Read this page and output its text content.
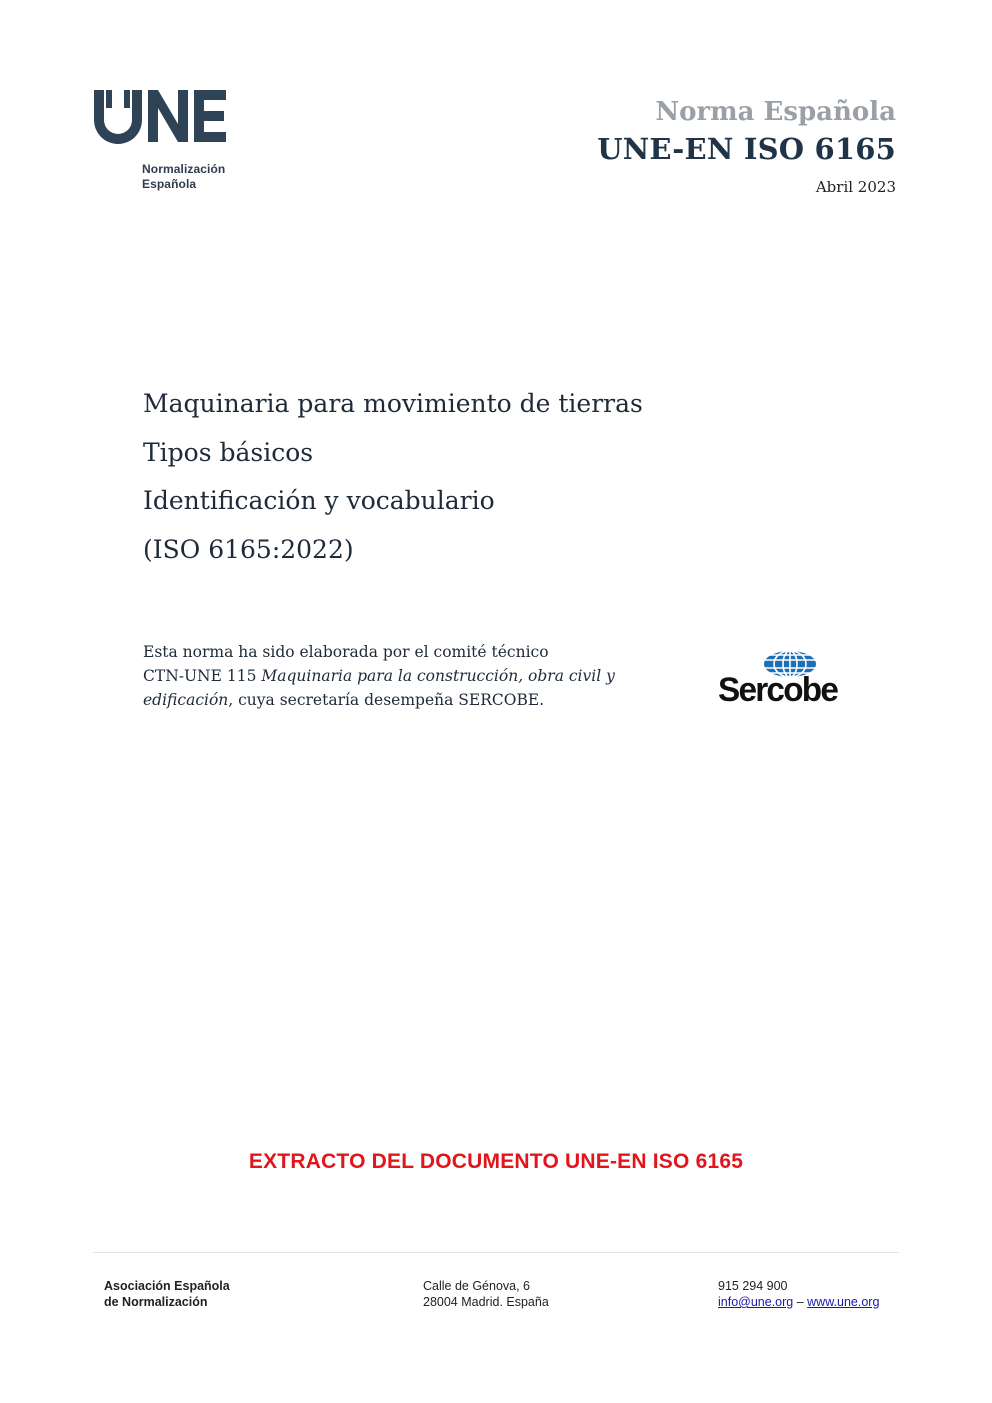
Normalización
Española
Norma Española
UNE-EN ISO 6165
Abril 2023
Maquinaria para movimiento de tierras
Tipos básicos
Identificación y vocabulario
(ISO 6165:2022)
Esta norma ha sido elaborada por el comité técnico
CTN-UNE 115 Maquinaria para la construcción, obra civil y
edificación, cuya secretaría desempeña SERCOBE.	Sercobe
EXTRACTO DEL DOCUMENTO UNE-EN ISO 6165
Asociación Española
de Normalización
Calle de Génova, 6
28004 Madrid. España
915 294 900
info@une.org – www.une.org
